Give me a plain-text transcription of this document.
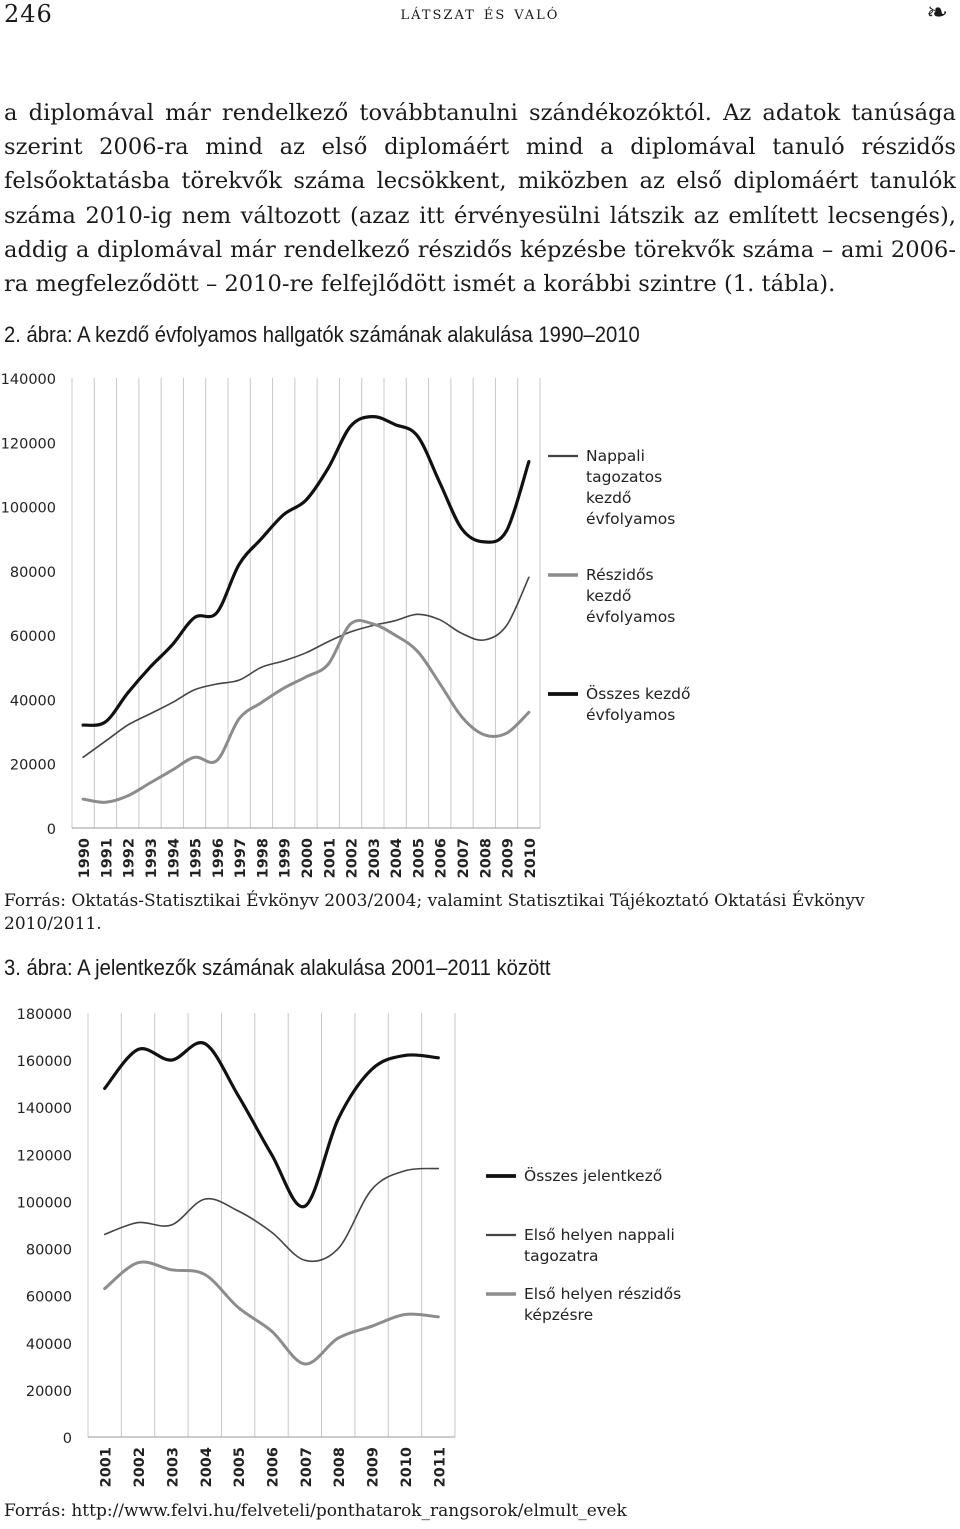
246	látszat és való	❧

a diplomával már rendelkező továbbtanulni szándékozóktól. Az adatok tanúsága szerint 2006-ra mind az első diplomáért mind a diplomával tanuló részidős felsőoktatásba törekvők száma lecsökkent, miközben az első diplomáért tanulók száma 2010-ig nem változott (azaz itt érvényesülni látszik az említett lecsengés), addig a diplomával már rendelkező részidős képzésbe törekvők száma – ami 2006-ra megfeleződött – 2010-re felfejlődött ismét a korábbi szintre (1. tábla).

2. ábra: A kezdő évfolyamos hallgatók számának alakulása 1990–2010
0
20000
40000
60000
80000
100000
120000
140000
1990 1991 1992 1993 1994 1995 1996 1997 1998 1999 2000 2001 2002 2003 2004 2005 2006 2007 2008 2009 2010
Nappali tagozatos kezdő évfolyamos
Részidős kezdő évfolyamos
Összes kezdő évfolyamos
Forrás: Oktatás-Statisztikai Évkönyv 2003/2004; valamint Statisztikai Tájékoztató Oktatási Évkönyv 2010/2011.
3. ábra: A jelentkezők számának alakulása 2001–2011 között
0
20000
40000
60000
80000
100000
120000
140000
160000
180000
2001 2002 2003 2004 2005 2006 2007 2008 2009 2010 2011
Összes jelentkező
Első helyen nappali tagozatra
Első helyen részidős képzésre
Forrás: http://www.felvi.hu/felveteli/ponthatarok_rangsorok/elmult_evek
